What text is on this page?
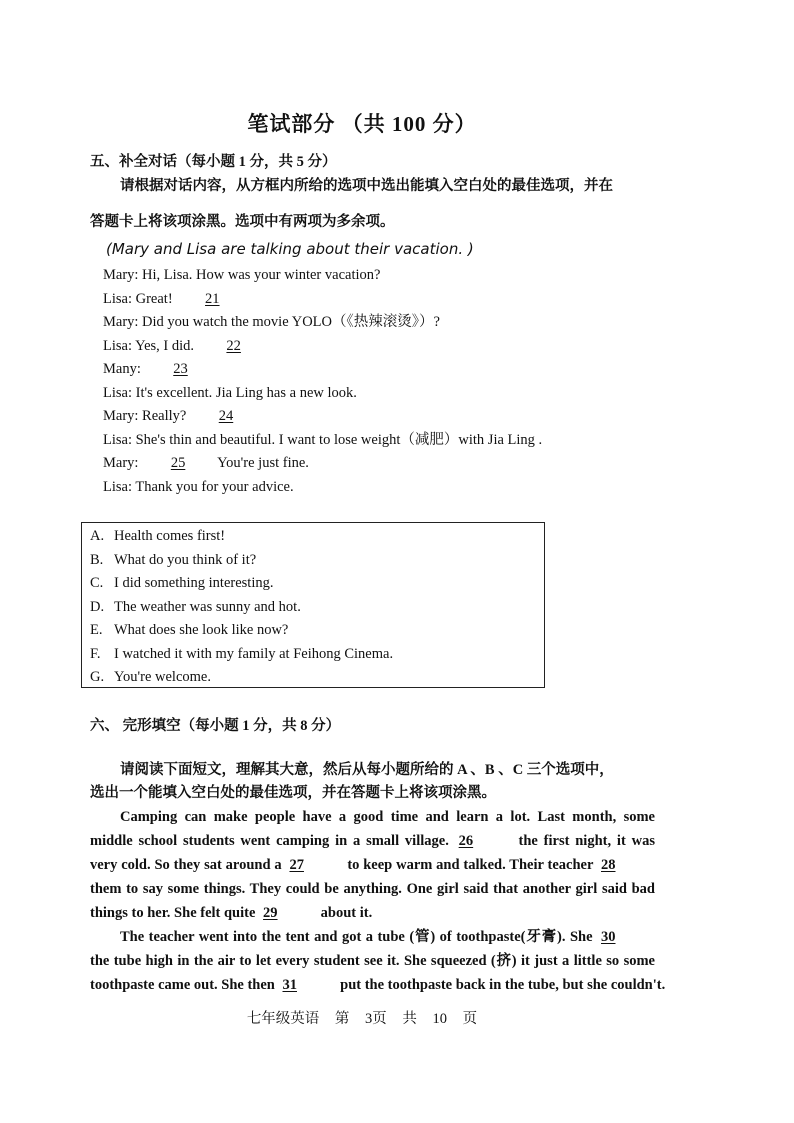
笔试部分 （共 100 分）
五、补全对话（每小题 1 分，共 5 分）
请根据对话内容，从方框内所给的选项中选出能填入空白处的最佳选项，并在
答题卡上将该项涂黑。选项中有两项为多余项。
(Mary and Lisa are talking about their vacation. )
Mary: Hi, Lisa. How was your winter vacation?
Lisa: Great! 21
Mary: Did you watch the movie YOLO（《热辣滚烫》）?
Lisa: Yes, I did. 22
Many: 23
Lisa: It's excellent. Jia Ling has a new look.
Mary: Really? 24
Lisa: She's thin and beautiful. I want to lose weight（减肥）with Jia Ling .
Mary: 25 You're just fine.
Lisa: Thank you for your advice.
A. Health comes first!
B. What do you think of it?
C. I did something interesting.
D. The weather was sunny and hot.
E. What does she look like now?
F. I watched it with my family at Feihong Cinema.
G. You're welcome.
六、 完形填空（每小题 1 分，共 8 分）
请阅读下面短文，理解其大意，然后从每小题所给的 A 、B 、C 三个选项中，
选出一个能填入空白处的最佳选项，并在答题卡上将该项涂黑。
Camping can make people have a good time and learn a lot. Last month, some
middle school students went camping in a small village. 26	the first night, it was
very cold. So they sat around a 27	to keep warm and talked. Their teacher 28
them to say some things. They could be anything. One girl said that another girl said bad
things to her. She felt quite 29	about it.
The teacher went into the tent and got a tube (管) of toothpaste(牙膏). She 30
the tube high in the air to let every student see it. She squeezed (挤) it just a little so some
toothpaste came out. She then 31	put the toothpaste back in the tube, but she couldn't.
七年级英语 第 3页 共 10 页
